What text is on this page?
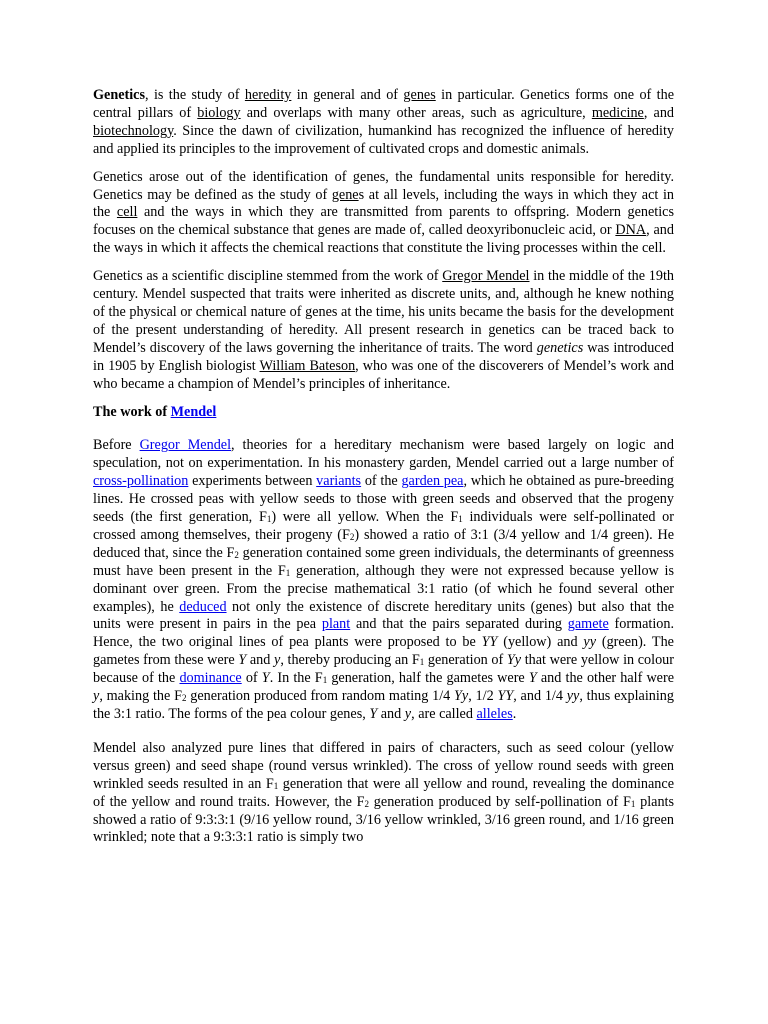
Genetics, is the study of heredity in general and of genes in particular. Genetics forms one of the central pillars of biology and overlaps with many other areas, such as agriculture, medicine, and biotechnology. Since the dawn of civilization, humankind has recognized the influence of heredity and applied its principles to the improvement of cultivated crops and domestic animals.

Genetics arose out of the identification of genes, the fundamental units responsible for heredity. Genetics may be defined as the study of genes at all levels, including the ways in which they act in the cell and the ways in which they are transmitted from parents to offspring. Modern genetics focuses on the chemical substance that genes are made of, called deoxyribonucleic acid, or DNA, and the ways in which it affects the chemical reactions that constitute the living processes within the cell.

Genetics as a scientific discipline stemmed from the work of Gregor Mendel in the middle of the 19th century. Mendel suspected that traits were inherited as discrete units, and, although he knew nothing of the physical or chemical nature of genes at the time, his units became the basis for the development of the present understanding of heredity. All present research in genetics can be traced back to Mendel’s discovery of the laws governing the inheritance of traits. The word genetics was introduced in 1905 by English biologist William Bateson, who was one of the discoverers of Mendel’s work and who became a champion of Mendel’s principles of inheritance.

The work of Mendel

Before Gregor Mendel, theories for a hereditary mechanism were based largely on logic and speculation, not on experimentation. In his monastery garden, Mendel carried out a large number of cross-pollination experiments between variants of the garden pea, which he obtained as pure-breeding lines. He crossed peas with yellow seeds to those with green seeds and observed that the progeny seeds (the first generation, $F_1$) were all yellow. When the $F_1$ individuals were self-pollinated or crossed among themselves, their progeny $(F_2)$ showed a ratio of 3:1 (3/4 yellow and 1/4 green). He deduced that, since the $F_2$ generation contained some green individuals, the determinants of greenness must have been present in the $F_1$ generation, although they were not expressed because yellow is dominant over green. From the precise mathematical 3:1 ratio (of which he found several other examples), he deduced not only the existence of discrete hereditary units (genes) but also that the units were present in pairs in the pea plant and that the pairs separated during gamete formation. Hence, the two original lines of pea plants were proposed to be YY (yellow) and yy (green). The gametes from these were Y and y, thereby producing an $F_1$ generation of Yy that were yellow in colour because of the dominance of Y. In the $F_1$ generation, half the gametes were Y and the other half were y, making the $F_2$ generation produced from random mating 1/4 Yy, 1/2 YY, and 1/4 yy, thus explaining the 3:1 ratio. The forms of the pea colour genes, Y and y, are called alleles.

Mendel also analyzed pure lines that differed in pairs of characters, such as seed colour (yellow versus green) and seed shape (round versus wrinkled). The cross of yellow round seeds with green wrinkled seeds resulted in an $F_1$ generation that were all yellow and round, revealing the dominance of the yellow and round traits. However, the $F_2$ generation produced by self-pollination of $F_1$ plants showed a ratio of 9:3:3:1 (9/16 yellow round, 3/16 yellow wrinkled, 3/16 green round, and 1/16 green wrinkled; note that a 9:3:3:1 ratio is simply two
